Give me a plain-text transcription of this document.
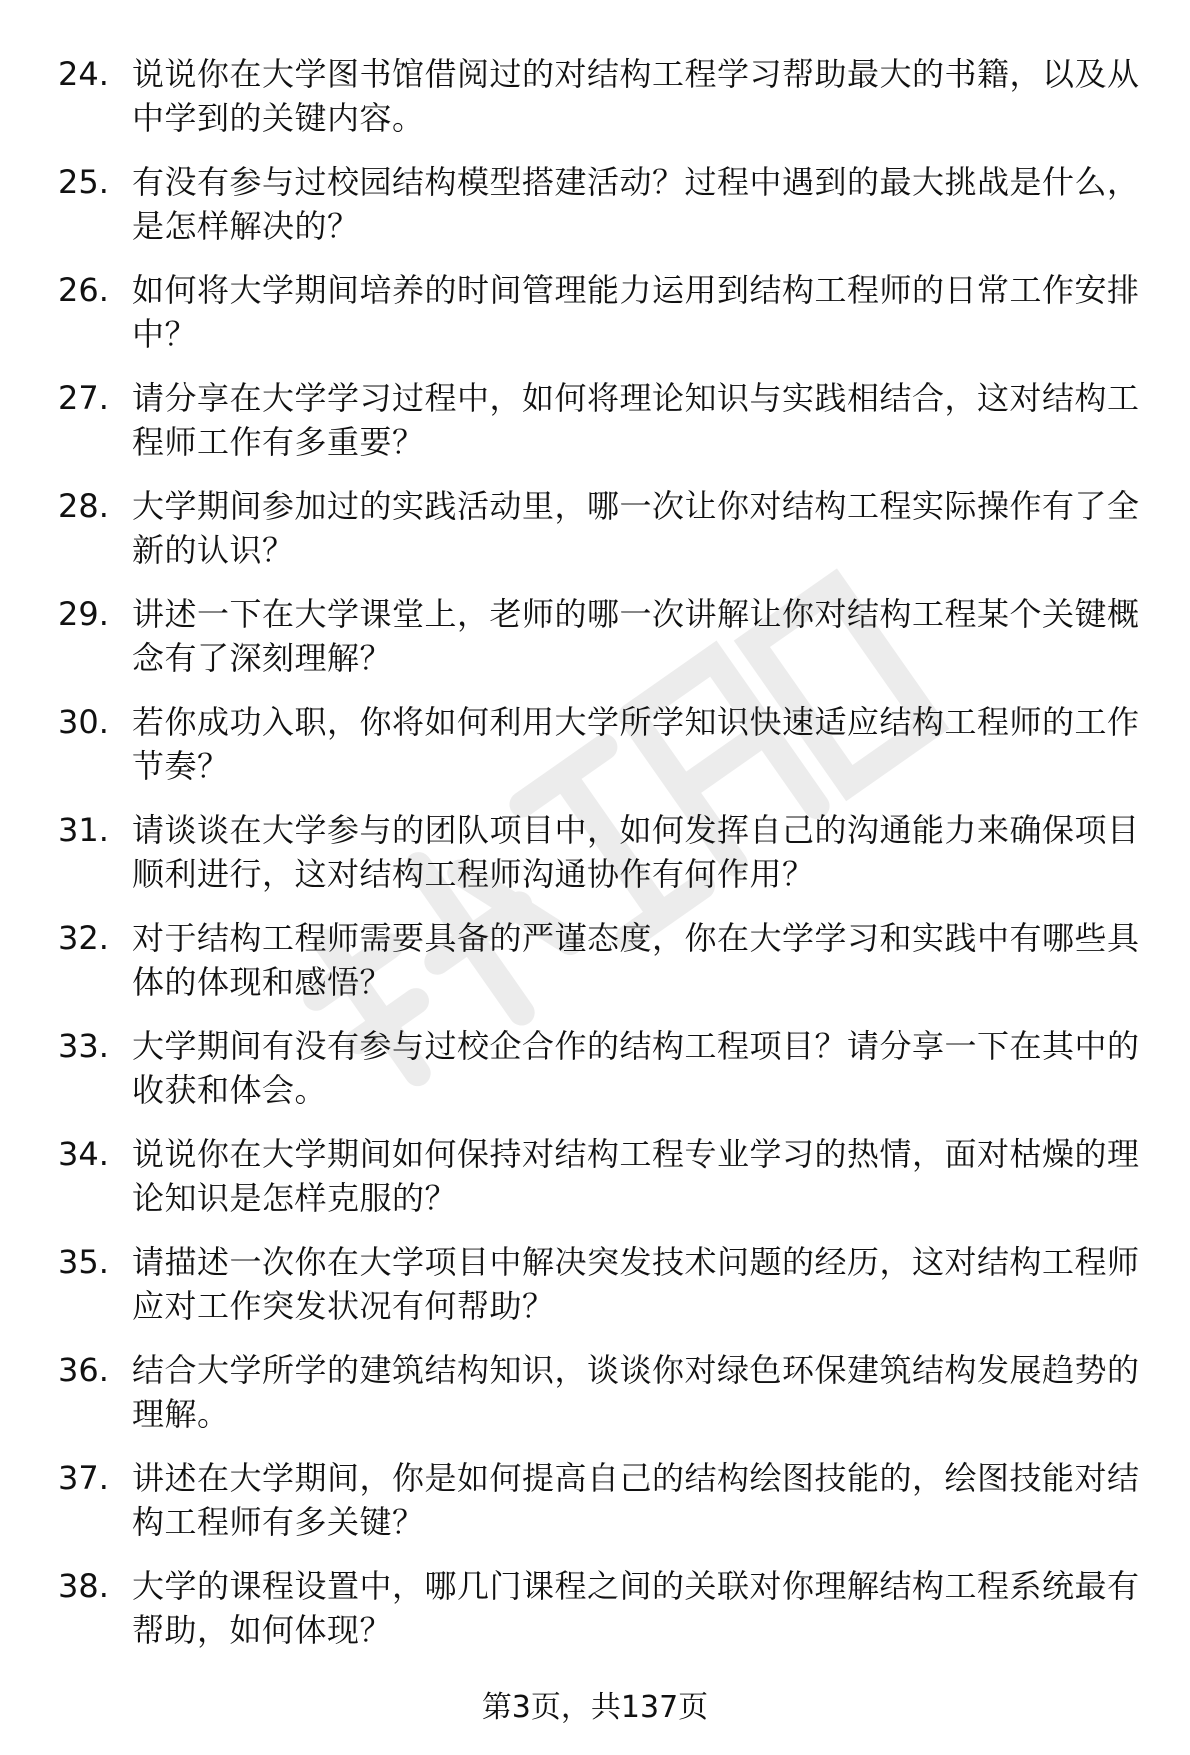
24. 说说你在大学图书馆借阅过的对结构工程学习帮助最大的书籍，以及从中学到的关键内容。
25. 有没有参与过校园结构模型搭建活动？过程中遇到的最大挑战是什么，是怎样解决的？
26. 如何将大学期间培养的时间管理能力运用到结构工程师的日常工作安排中？
27. 请分享在大学学习过程中，如何将理论知识与实践相结合，这对结构工程师工作有多重要？
28. 大学期间参加过的实践活动里，哪一次让你对结构工程实际操作有了全新的认识？
29. 讲述一下在大学课堂上，老师的哪一次讲解让你对结构工程某个关键概念有了深刻理解？
30. 若你成功入职，你将如何利用大学所学知识快速适应结构工程师的工作节奏？
31. 请谈谈在大学参与的团队项目中，如何发挥自己的沟通能力来确保项目顺利进行，这对结构工程师沟通协作有何作用？
32. 对于结构工程师需要具备的严谨态度，你在大学学习和实践中有哪些具体的体现和感悟？
33. 大学期间有没有参与过校企合作的结构工程项目？请分享一下在其中的收获和体会。
34. 说说你在大学期间如何保持对结构工程专业学习的热情，面对枯燥的理论知识是怎样克服的？
35. 请描述一次你在大学项目中解决突发技术问题的经历，这对结构工程师应对工作突发状况有何帮助？
36. 结合大学所学的建筑结构知识，谈谈你对绿色环保建筑结构发展趋势的理解。
37. 讲述在大学期间，你是如何提高自己的结构绘图技能的，绘图技能对结构工程师有多关键？
38. 大学的课程设置中，哪几门课程之间的关联对你理解结构工程系统最有帮助，如何体现？
第3页，共137页
